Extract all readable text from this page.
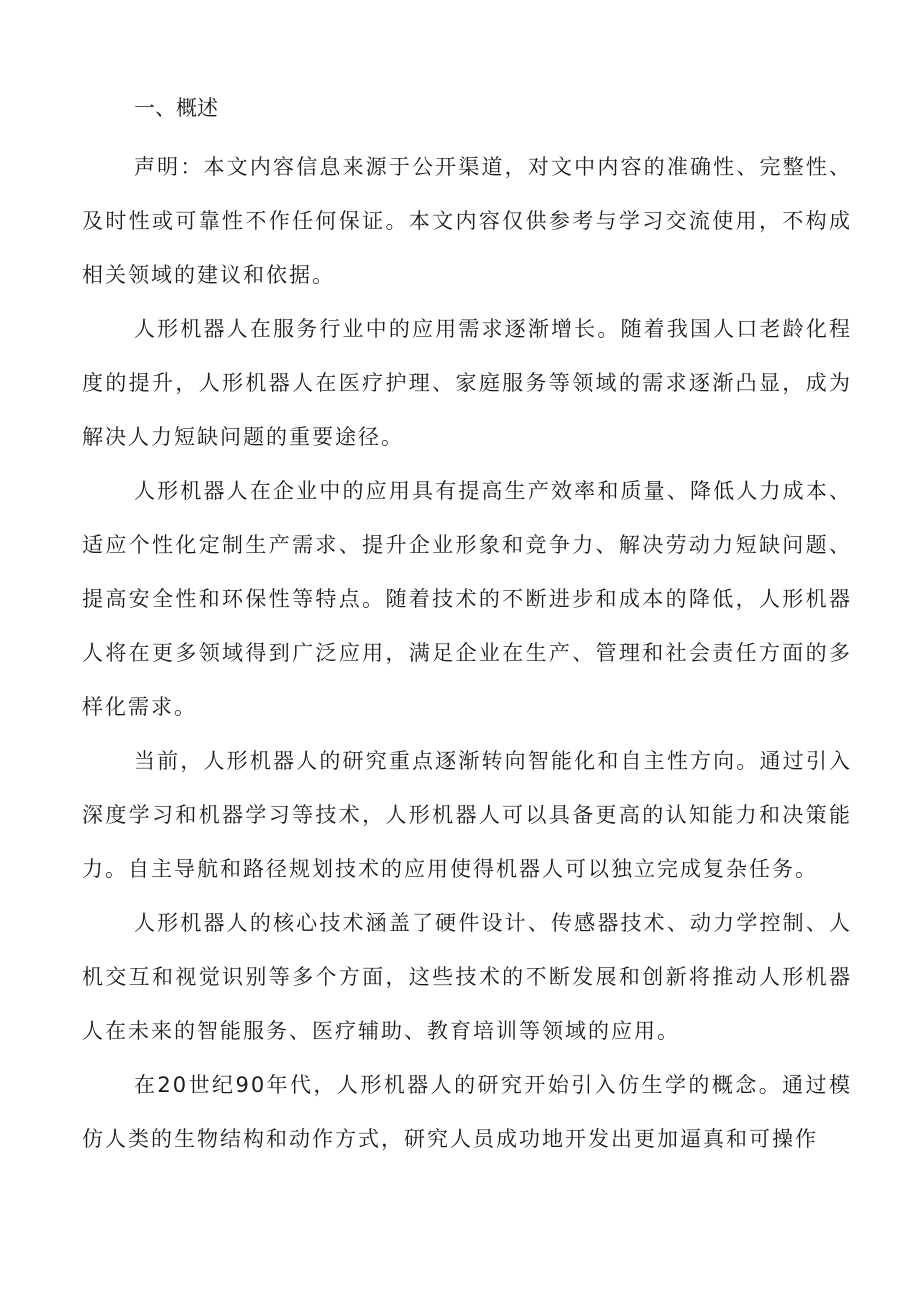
一、概述

声明：本文内容信息来源于公开渠道，对文中内容的准确性、完整性、及时性或可靠性不作任何保证。本文内容仅供参考与学习交流使用，不构成相关领域的建议和依据。

人形机器人在服务行业中的应用需求逐渐增长。随着我国人口老龄化程度的提升，人形机器人在医疗护理、家庭服务等领域的需求逐渐凸显，成为解决人力短缺问题的重要途径。

人形机器人在企业中的应用具有提高生产效率和质量、降低人力成本、适应个性化定制生产需求、提升企业形象和竞争力、解决劳动力短缺问题、提高安全性和环保性等特点。随着技术的不断进步和成本的降低，人形机器人将在更多领域得到广泛应用，满足企业在生产、管理和社会责任方面的多样化需求。

当前，人形机器人的研究重点逐渐转向智能化和自主性方向。通过引入深度学习和机器学习等技术，人形机器人可以具备更高的认知能力和决策能力。自主导航和路径规划技术的应用使得机器人可以独立完成复杂任务。

人形机器人的核心技术涵盖了硬件设计、传感器技术、动力学控制、人机交互和视觉识别等多个方面，这些技术的不断发展和创新将推动人形机器人在未来的智能服务、医疗辅助、教育培训等领域的应用。

在20世纪90年代，人形机器人的研究开始引入仿生学的概念。通过模仿人类的生物结构和动作方式，研究人员成功地开发出更加逼真和可操作
